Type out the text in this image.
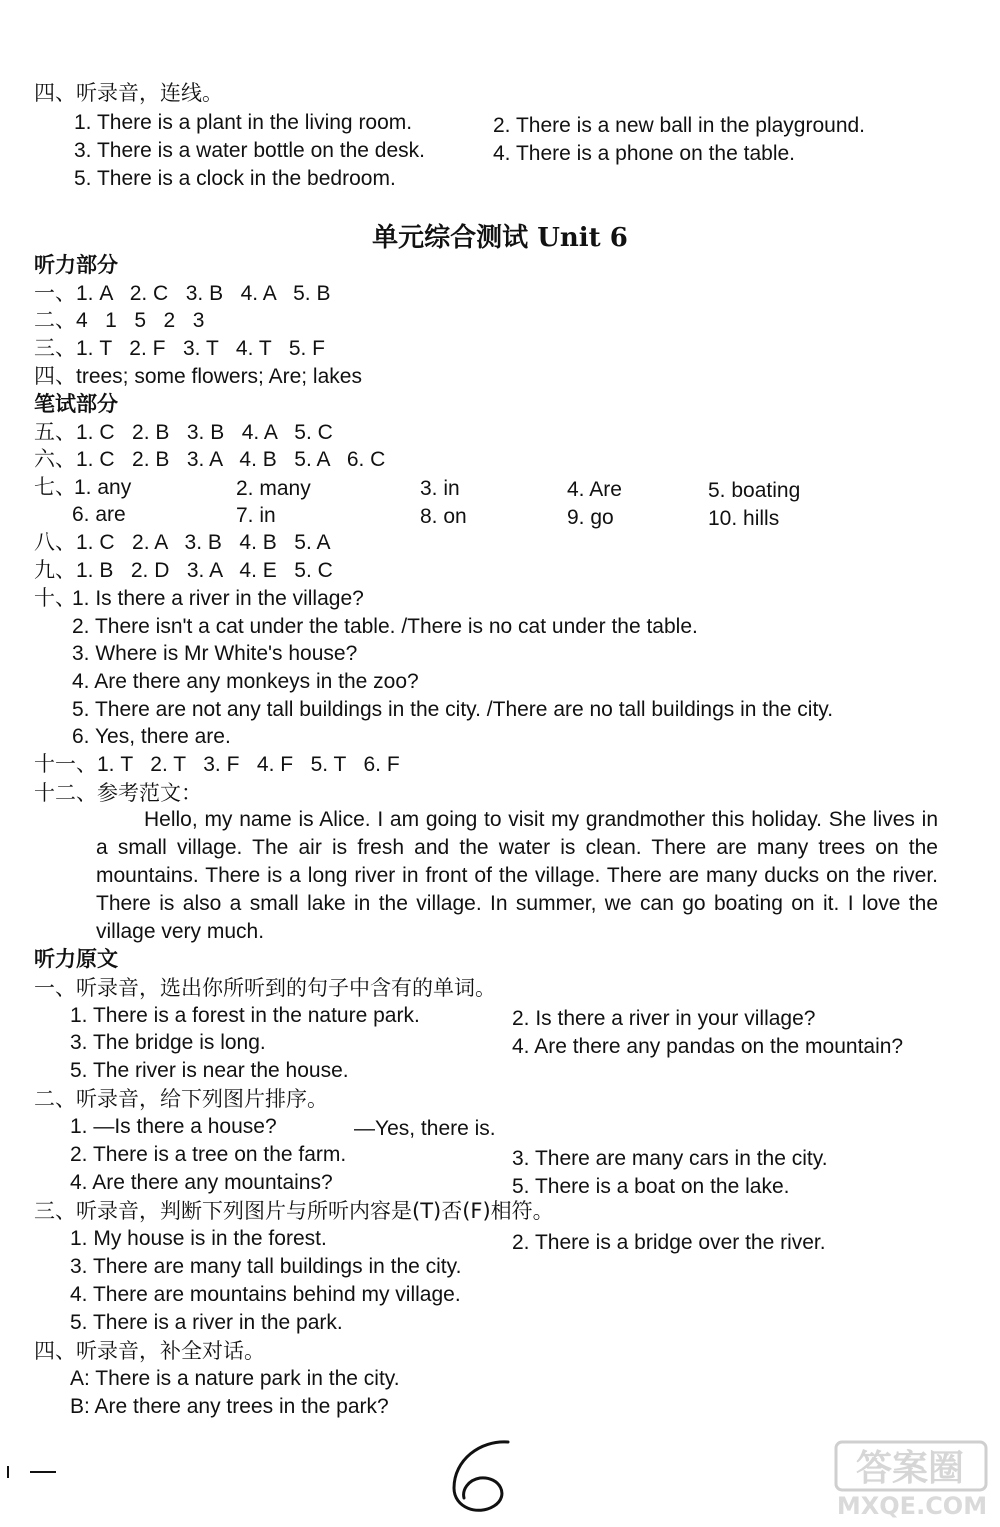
四、听录音，连线。
1. There is a plant in the living room.	2. There is a new ball in the playground.
3. There is a water bottle on the desk.	4. There is a phone on the table.
5. There is a clock in the bedroom.
单元综合测试 Unit 6
听力部分
一、1. A   2. C   3. B   4. A   5. B
二、4   1   5   2   3
三、1. T   2. F   3. T   4. T   5. F
四、trees; some flowers; Are; lakes
笔试部分
五、1. C   2. B   3. B   4. A   5. C
六、1. C   2. B   3. A   4. B   5. A   6. C
七、
1. any	2. many	3. in	4. Are	5. boating
6. are	7. in	8. on	9. go	10. hills
八、1. C   2. A   3. B   4. B   5. A
九、1. B   2. D   3. A   4. E   5. C
十、
1. Is there a river in the village?
2. There isn't a cat under the table. /There is no cat under the table.
3. Where is Mr White's house?
4. Are there any monkeys in the zoo?
5. There are not any tall buildings in the city. /There are no tall buildings in the city.
6. Yes, there are.
十一、1. T   2. T   3. F   4. F   5. T   6. F
十二、参考范文：
Hello, my name is Alice. I am going to visit my grandmother this holiday. She lives in a small village. The air is fresh and the water is clean. There are many trees on the mountains. There is a long river in front of the village. There are many ducks on the river. There is also a small lake in the village. In summer, we can go boating on it. I love the village very much.
听力原文
一、听录音，选出你所听到的句子中含有的单词。
1. There is a forest in the nature park.	2. Is there a river in your village?
3. The bridge is long.	4. Are there any pandas on the mountain?
5. The river is near the house.
二、听录音，给下列图片排序。
1. —Is there a house?	—Yes, there is.
2. There is a tree on the farm.	3. There are many cars in the city.
4. Are there any mountains?	5. There is a boat on the lake.
三、听录音，判断下列图片与所听内容是(T)否(F)相符。
1. My house is in the forest.	2. There is a bridge over the river.
3. There are many tall buildings in the city.
4. There are mountains behind my village.
5. There is a river in the park.
四、听录音，补全对话。
A: There is a nature park in the city.
B: Are there any trees in the park?
答案圈
MXQE.COM
